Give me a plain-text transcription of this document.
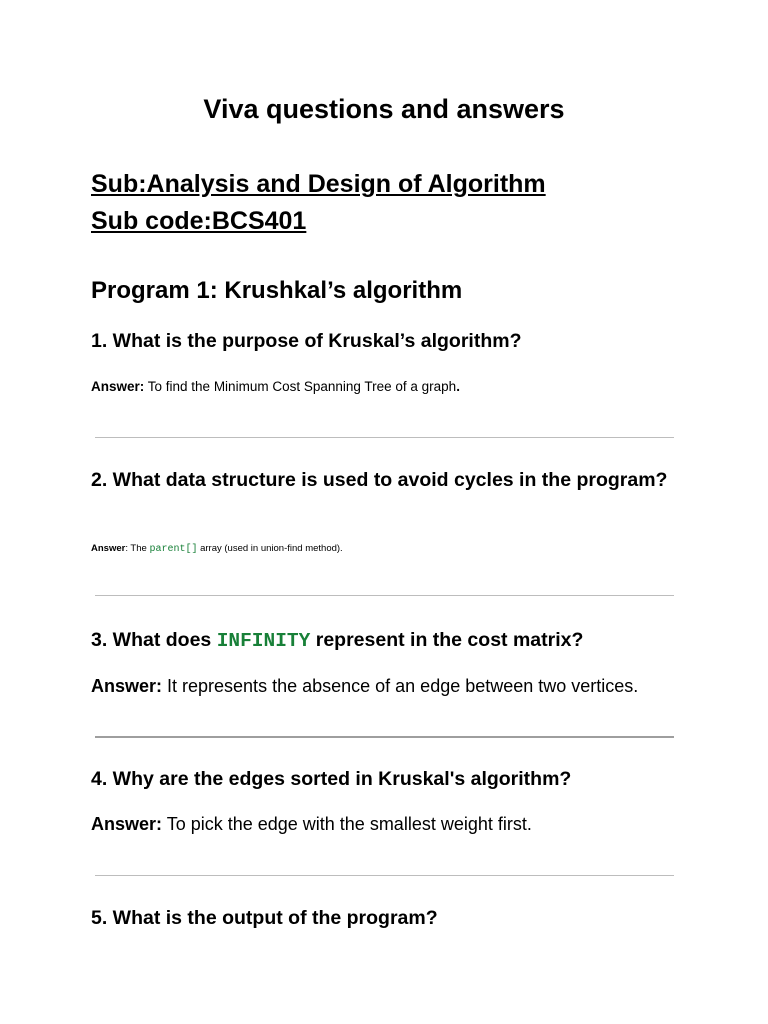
Viva questions and answers
Sub:Analysis and Design of Algorithm
Sub code:BCS401
Program 1: Krushkal’s algorithm
1. What is the purpose of Kruskal’s algorithm?
Answer: To find the Minimum Cost Spanning Tree of a graph.
2. What data structure is used to avoid cycles in the program?
Answer: The parent[] array (used in union-find method).
3. What does INFINITY represent in the cost matrix?
Answer: It represents the absence of an edge between two vertices.
4. Why are the edges sorted in Kruskal's algorithm?
Answer: To pick the edge with the smallest weight first.
5. What is the output of the program?
